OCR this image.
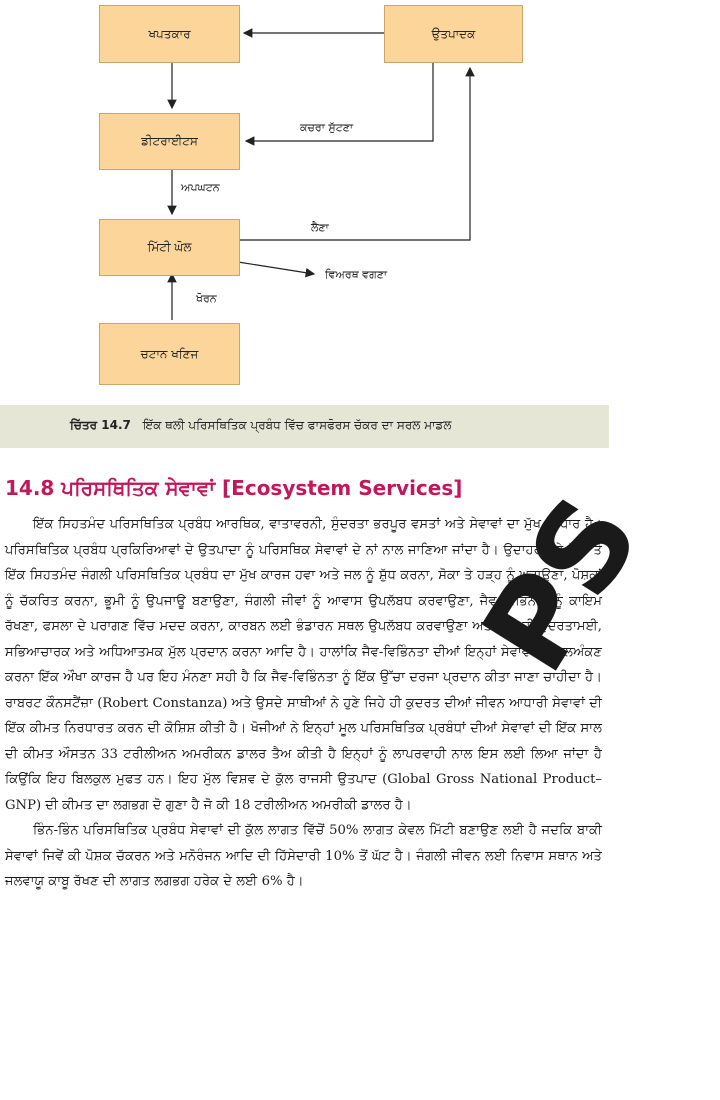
ਖਪਤਕਾਰ	ਉਤਪਾਦਕ
ਡੀਟਰਾਈਟਸ
ਮਿੱਟੀ ਘੋਲ
ਚਟਾਨ ਖਣਿਜ
ਕਚਰਾ ਸੁੱਟਣਾ
ਅਪਘਟਨ
ਲੈਣਾ
ਵਿਅਰਥ ਵਗਣਾ
ਖੋਰਨ
ਚਿੱਤਰ 14.7 ਇੱਕ ਥਲੀ ਪਰਿਸਥਿਤਿਕ ਪ੍ਰਬੰਧ ਵਿੱਚ ਫਾਸਫੋਰਸ ਚੱਕਰ ਦਾ ਸਰਲ ਮਾਡਲ
14.8 ਪਰਿਸਥਿਤਿਕ ਸੇਵਾਵਾਂ [Ecosystem Services]

ਇੱਕ ਸਿਹਤਮੰਦ ਪਰਿਸਥਿਤਿਕ ਪ੍ਰਬੰਧ ਆਰਥਿਕ, ਵਾਤਾਵਰਨੀ, ਸੁੰਦਰਤਾ ਭਰਪੂਰ ਵਸਤਾਂ ਅਤੇ ਸੇਵਾਵਾਂ ਦਾ ਮੁੱਖ ਆਧਾਰ ਹੈ। ਪਰਿਸਥਿਤਿਕ ਪ੍ਰਬੰਧ ਪ੍ਰਕਿਰਿਆਵਾਂ ਦੇ ਉਤਪਾਦਾ ਨੂੰ ਪਰਿਸਥਿਕ ਸੇਵਾਵਾਂ ਦੇ ਨਾਂ ਨਾਲ ਜਾਣਿਆ ਜਾਂਦਾ ਹੈ। ਉਦਾਹਰਨ ਦੇ ਤੌਰ ’ਤੇ ਇੱਕ ਸਿਹਤਮੰਦ ਜੰਗਲੀ ਪਰਿਸਥਿਤਿਕ ਪ੍ਰਬੰਧ ਦਾ ਮੁੱਖ ਕਾਰਜ ਹਵਾ ਅਤੇ ਜਲ ਨੂੰ ਸ਼ੁੱਧ ਕਰਨਾ, ਸੋਕਾ ਤੇ ਹੜ੍ਹ ਨੂੰ ਘਟਾਉਣਾ, ਪੋਸ਼ਕਾਂ ਨੂੰ ਚੱਕਰਿਤ ਕਰਨਾ, ਭੂਮੀ ਨੂੰ ਉਪਜਾਊ ਬਣਾਉਣਾ, ਜੰਗਲੀ ਜੀਵਾਂ ਨੂੰ ਆਵਾਸ ਉਪਲੱਬਧ ਕਰਵਾਉਣਾ, ਜੈਵ ਵਿਭਿੰਨਤਾ ਨੂੰ ਕਾਇਮ ਰੱਖਣਾ, ਫਸਲਾ ਦੇ ਪਰਾਗਣ ਵਿੱਚ ਮਦਦ ਕਰਨਾ, ਕਾਰਬਨ ਲਈ ਭੰਡਾਰਨ ਸਥਲ ਉਪਲੱਬਧ ਕਰਵਾਉਣਾ ਅਤੇ ਨਾਲ ਹੀ ਸੁੰਦਰਤਾਮਈ, ਸਭਿਆਚਾਰਕ ਅਤੇ ਅਧਿਆਤਮਕ ਮੁੱਲ ਪ੍ਰਦਾਨ ਕਰਨਾ ਆਦਿ ਹੈ। ਹਾਲਾਂਕਿ ਜੈਵ-ਵਿਭਿੰਨਤਾ ਦੀਆਂ ਇਨ੍ਹਾਂ ਸੇਵਾਵਾਂ ਦਾ ਮੁਲਅੰਕਣ ਕਰਨਾ ਇੱਕ ਔਖਾ ਕਾਰਜ ਹੈ ਪਰ ਇਹ ਮੰਨਣਾ ਸਹੀ ਹੈ ਕਿ ਜੈਵ-ਵਿਭਿੰਨਤਾ ਨੂੰ ਇੱਕ ਉੱਚਾ ਦਰਜਾ ਪ੍ਰਦਾਨ ਕੀਤਾ ਜਾਣਾ ਚਾਹੀਦਾ ਹੈ। ਰਾਬਰਟ ਕੌਨਸਟੈਂਜ਼ਾ (Robert Constanza) ਅਤੇ ਉਸਦੇ ਸਾਥੀਆਂ ਨੇ ਹੁਣੇ ਜਿਹੇ ਹੀ ਕੁਦਰਤ ਦੀਆਂ ਜੀਵਨ ਆਧਾਰੀ ਸੇਵਾਵਾਂ ਦੀ ਇੱਕ ਕੀਮਤ ਨਿਰਧਾਰਤ ਕਰਨ ਦੀ ਕੋਸ਼ਿਸ਼ ਕੀਤੀ ਹੈ। ਖੋਜੀਆਂ ਨੇ ਇਨ੍ਹਾਂ ਮੂਲ ਪਰਿਸਥਿਤਿਕ ਪ੍ਰਬੰਧਾਂ ਦੀਆਂ ਸੇਵਾਵਾਂ ਦੀ ਇੱਕ ਸਾਲ ਦੀ ਕੀਮਤ ਔਸਤਨ 33 ਟਰੀਲੀਅਨ ਅਮਰੀਕਨ ਡਾਲਰ ਤੈਅ ਕੀਤੀ ਹੈ ਇਨ੍ਹਾਂ ਨੂੰ ਲਾਪਰਵਾਹੀ ਨਾਲ ਇਸ ਲਈ ਲਿਆ ਜਾਂਦਾ ਹੈ ਕਿਉਂਕਿ ਇਹ ਬਿਲਕੁਲ ਮੁਫਤ ਹਨ। ਇਹ ਮੁੱਲ ਵਿਸ਼ਵ ਦੇ ਕੁੱਲ ਰਾਜਸੀ ਉਤਪਾਦ (Global Gross National Product–GNP) ਦੀ ਕੀਮਤ ਦਾ ਲਗਭਗ ਦੋ ਗੁਣਾ ਹੈ ਜੋ ਕੀ 18 ਟਰੀਲੀਅਨ ਅਮਰੀਕੀ ਡਾਲਰ ਹੈ।

ਭਿੰਨ-ਭਿੰਨ ਪਰਿਸਥਿਤਿਕ ਪ੍ਰਬੰਧ ਸੇਵਾਵਾਂ ਦੀ ਕੁੱਲ ਲਾਗਤ ਵਿੱਚੋਂ 50% ਲਾਗਤ ਕੇਵਲ ਮਿੱਟੀ ਬਣਾਉਣ ਲਈ ਹੈ ਜਦਕਿ ਬਾਕੀ ਸੇਵਾਵਾਂ ਜਿਵੇਂ ਕੀ ਪੋਸ਼ਕ ਚੱਕਰਨ ਅਤੇ ਮਨੋਰੰਜਨ ਆਦਿ ਦੀ ਹਿੱਸੇਦਾਰੀ 10% ਤੋਂ ਘੱਟ ਹੈ। ਜੰਗਲੀ ਜੀਵਨ ਲਈ ਨਿਵਾਸ ਸਥਾਨ ਅਤੇ ਜਲਵਾਯੂ ਕਾਬੂ ਰੱਖਣ ਦੀ ਲਾਗਤ ਲਗਭਗ ਹਰੇਕ ਦੇ ਲਈ 6% ਹੈ।

PS
